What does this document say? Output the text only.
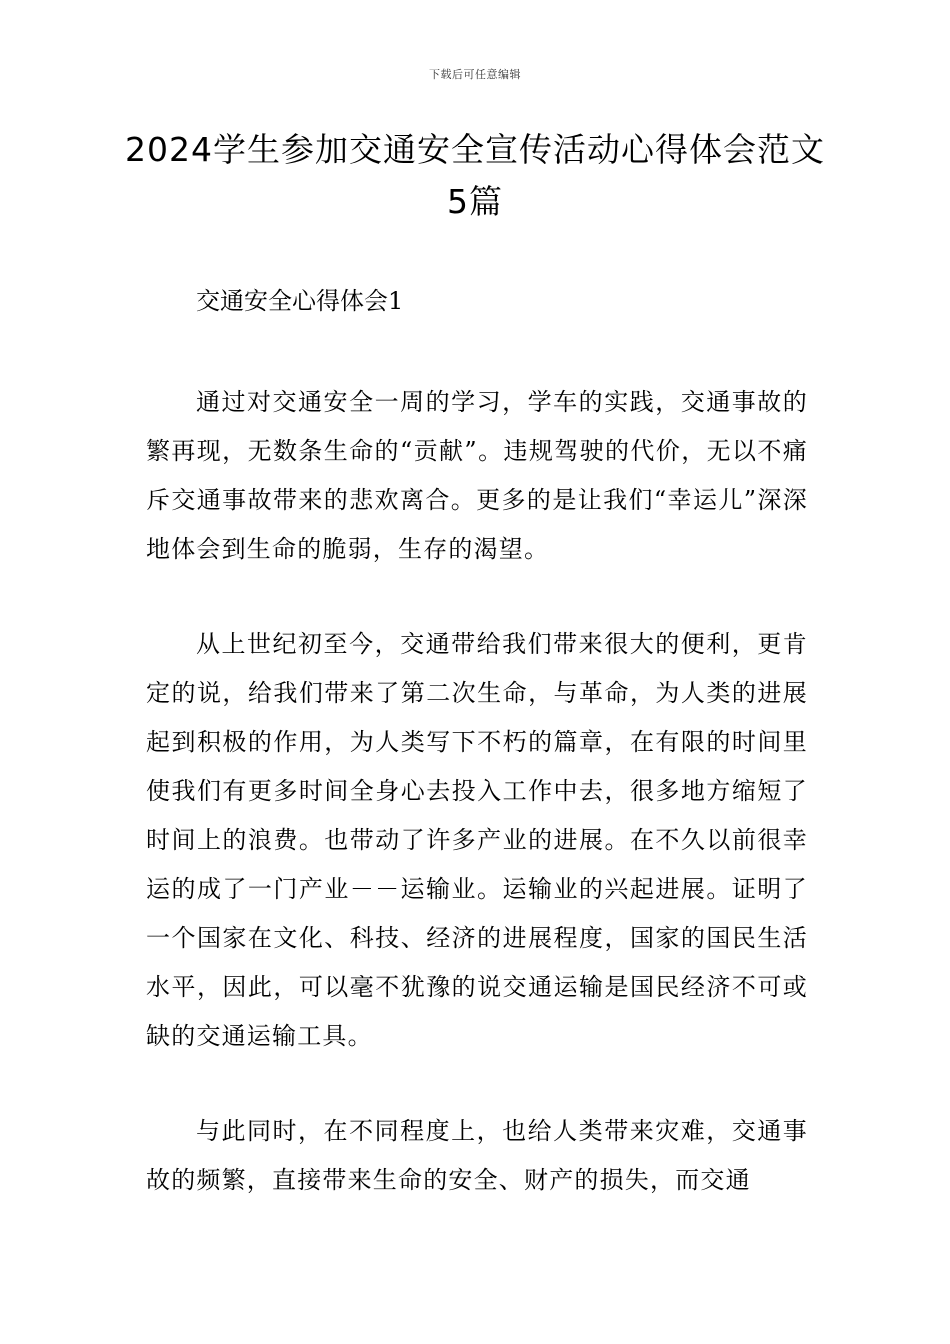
下载后可任意编辑
2024学生参加交通安全宣传活动心得体会范文5篇
交通安全心得体会1

通过对交通安全一周的学习，学车的实践，交通事故的繁再现，无数条生命的“贡献”。违规驾驶的代价，无以不痛斥交通事故带来的悲欢离合。更多的是让我们“幸运儿”深深地体会到生命的脆弱，生存的渴望。

从上世纪初至今，交通带给我们带来很大的便利，更肯定的说，给我们带来了第二次生命，与革命，为人类的进展起到积极的作用，为人类写下不朽的篇章，在有限的时间里使我们有更多时间全身心去投入工作中去，很多地方缩短了时间上的浪费。也带动了许多产业的进展。在不久以前很幸运的成了一门产业－－运输业。运输业的兴起进展。证明了一个国家在文化、科技、经济的进展程度，国家的国民生活水平，因此，可以毫不犹豫的说交通运输是国民经济不可或缺的交通运输工具。

与此同时，在不同程度上，也给人类带来灾难，交通事故的频繁，直接带来生命的安全、财产的损失，而交通
